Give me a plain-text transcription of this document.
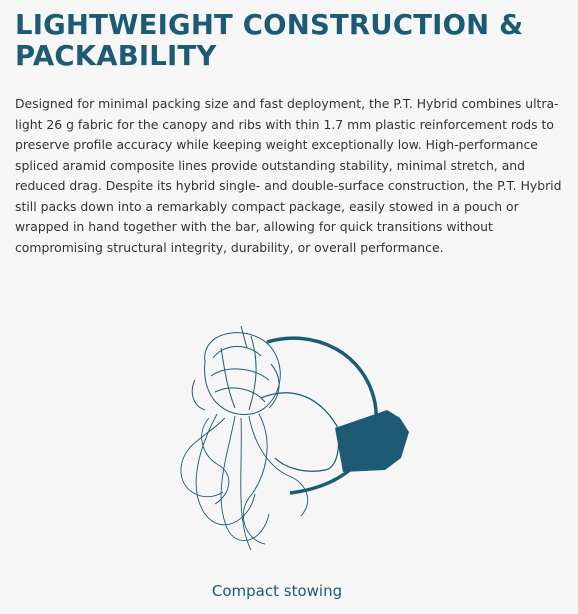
LIGHTWEIGHT CONSTRUCTION & PACKABILITY

Designed for minimal packing size and fast deployment, the P.T. Hybrid combines ultra-light 26 g fabric for the canopy and ribs with thin 1.7 mm plastic reinforcement rods to preserve profile accuracy while keeping weight exceptionally low. High-performance spliced aramid composite lines provide outstanding stability, minimal stretch, and reduced drag. Despite its hybrid single- and double-surface construction, the P.T. Hybrid still packs down into a remarkably compact package, easily stowed in a pouch or wrapped in hand together with the bar, allowing for quick transitions without compromising structural integrity, durability, or overall performance.

Compact stowing
